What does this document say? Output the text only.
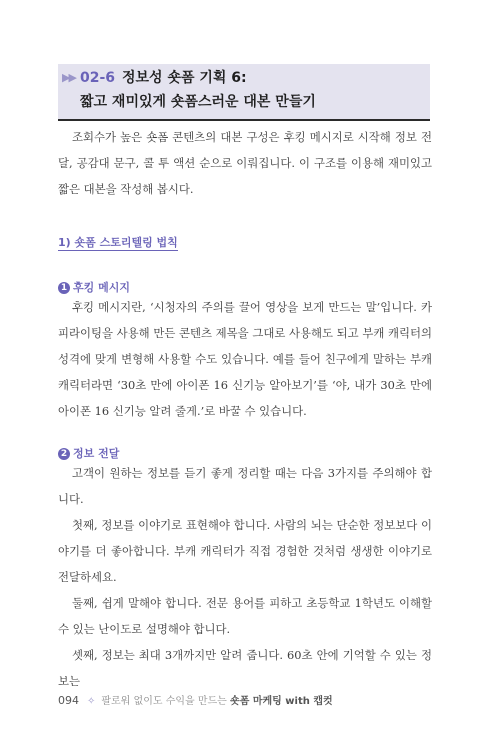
▶▶ 02-6 정보성 숏폼 기획 6:
짧고 재미있게 숏폼스러운 대본 만들기

조회수가 높은 숏폼 콘텐츠의 대본 구성은 후킹 메시지로 시작해 정보 전달, 공감대 문구, 콜 투 액션 순으로 이뤄집니다. 이 구조를 이용해 재미있고 짧은 대본을 작성해 봅시다.

1) 숏폼 스토리텔링 법칙
1 후킹 메시지

후킹 메시지란, ‘시청자의 주의를 끌어 영상을 보게 만드는 말’입니다. 카피라이팅을 사용해 만든 콘텐츠 제목을 그대로 사용해도 되고 부캐 캐릭터의 성격에 맞게 변형해 사용할 수도 있습니다. 예를 들어 친구에게 말하는 부캐 캐릭터라면 ‘30초 만에 아이폰 16 신기능 알아보기’를 ‘야, 내가 30초 만에 아이폰 16 신기능 알려 줄게.’로 바꿀 수 있습니다.

2 정보 전달

고객이 원하는 정보를 듣기 좋게 정리할 때는 다음 3가지를 주의해야 합니다.

첫째, 정보를 이야기로 표현해야 합니다. 사람의 뇌는 단순한 정보보다 이야기를 더 좋아합니다. 부캐 캐릭터가 직접 경험한 것처럼 생생한 이야기로 전달하세요.

둘째, 쉽게 말해야 합니다. 전문 용어를 피하고 초등학교 1학년도 이해할 수 있는 난이도로 설명해야 합니다.

셋째, 정보는 최대 3개까지만 알려 줍니다. 60초 안에 기억할 수 있는 정보는

094 ✧ 팔로워 없이도 수익을 만드는 숏폼 마케팅 with 캡컷
